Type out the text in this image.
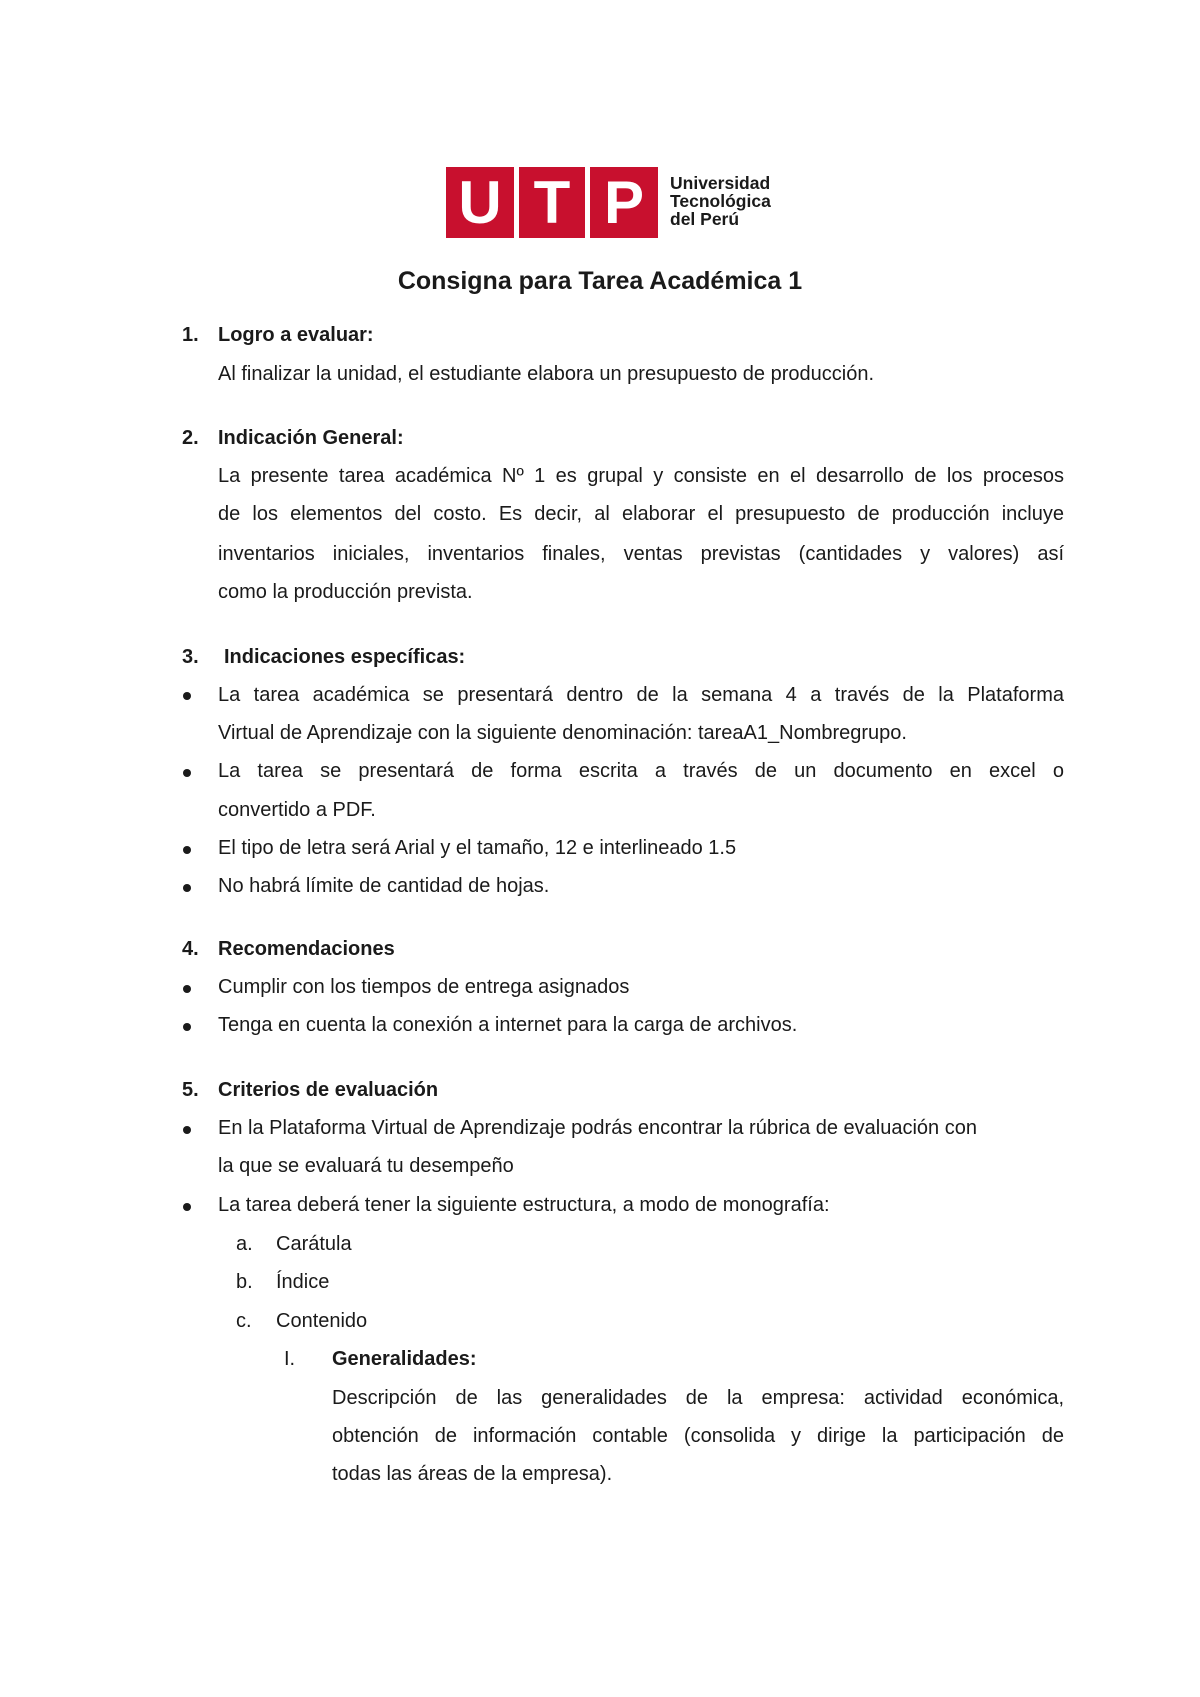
U T P	Universidad
Tecnológica
del Perú
Consigna para Tarea Académica 1
1. Logro a evaluar:
Al finalizar la unidad, el estudiante elabora un presupuesto de producción.
2. Indicación General:
La presente tarea académica Nº 1 es grupal y consiste en el desarrollo de los procesos
de los elementos del costo. Es decir, al elaborar el presupuesto de producción incluye
inventarios iniciales, inventarios finales, ventas previstas (cantidades y valores) así
como la producción prevista.
3. Indicaciones específicas:
La tarea académica se presentará dentro de la semana 4 a través de la Plataforma
Virtual de Aprendizaje con la siguiente denominación: tareaA1_Nombregrupo.
La tarea se presentará de forma escrita a través de un documento en excel o
convertido a PDF.
El tipo de letra será Arial y el tamaño, 12 e interlineado 1.5
No habrá límite de cantidad de hojas.
4. Recomendaciones
Cumplir con los tiempos de entrega asignados
Tenga en cuenta la conexión a internet para la carga de archivos.
5. Criterios de evaluación
En la Plataforma Virtual de Aprendizaje podrás encontrar la rúbrica de evaluación con
la que se evaluará tu desempeño
La tarea deberá tener la siguiente estructura, a modo de monografía:
a. Carátula
b. Índice
c. Contenido
I. Generalidades:
Descripción de las generalidades de la empresa: actividad económica,
obtención de información contable (consolida y dirige la participación de
todas las áreas de la empresa).
